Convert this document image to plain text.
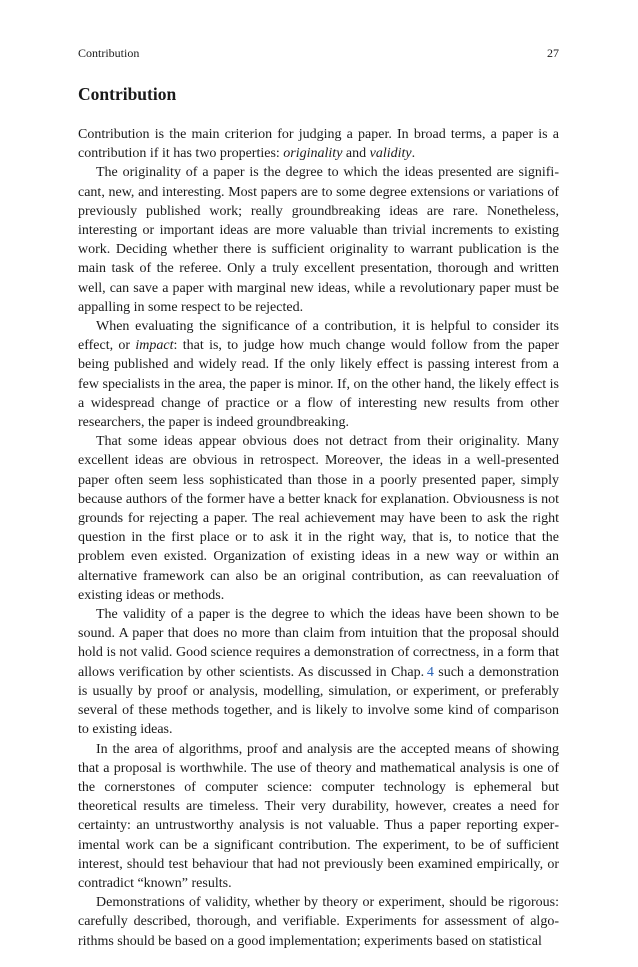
Contribution	27
Contribution

Contribution is the main criterion for judging a paper. In broad terms, a paper is a contribution if it has two properties: originality and validity.

The originality of a paper is the degree to which the ideas presented are significant, new, and interesting. Most papers are to some degree extensions or variations of previously published work; really groundbreaking ideas are rare. Nonetheless, interesting or important ideas are more valuable than trivial increments to existing work. Deciding whether there is sufficient originality to warrant publication is the main task of the referee. Only a truly excellent presentation, thorough and written well, can save a paper with marginal new ideas, while a revolutionary paper must be appalling in some respect to be rejected.

When evaluating the significance of a contribution, it is helpful to consider its effect, or impact: that is, to judge how much change would follow from the paper being published and widely read. If the only likely effect is passing interest from a few specialists in the area, the paper is minor. If, on the other hand, the likely effect is a widespread change of practice or a flow of interesting new results from other researchers, the paper is indeed groundbreaking.

That some ideas appear obvious does not detract from their originality. Many excellent ideas are obvious in retrospect. Moreover, the ideas in a well-presented paper often seem less sophisticated than those in a poorly presented paper, simply because authors of the former have a better knack for explanation. Obviousness is not grounds for rejecting a paper. The real achievement may have been to ask the right question in the first place or to ask it in the right way, that is, to notice that the problem even existed. Organization of existing ideas in a new way or within an alternative framework can also be an original contribution, as can reevaluation of existing ideas or methods.

The validity of a paper is the degree to which the ideas have been shown to be sound. A paper that does no more than claim from intuition that the proposal should hold is not valid. Good science requires a demonstration of correctness, in a form that allows verification by other scientists. As discussed in Chap. 4 such a demonstration is usually by proof or analysis, modelling, simulation, or experiment, or preferably several of these methods together, and is likely to involve some kind of comparison to existing ideas.

In the area of algorithms, proof and analysis are the accepted means of showing that a proposal is worthwhile. The use of theory and mathematical analysis is one of the cornerstones of computer science: computer technology is ephemeral but theoretical results are timeless. Their very durability, however, creates a need for certainty: an untrustworthy analysis is not valuable. Thus a paper reporting experimental work can be a significant contribution. The experiment, to be of sufficient interest, should test behaviour that had not previously been examined empirically, or contradict “known” results.

Demonstrations of validity, whether by theory or experiment, should be rigorous: carefully described, thorough, and verifiable. Experiments for assessment of algorithms should be based on a good implementation; experiments based on statistical
